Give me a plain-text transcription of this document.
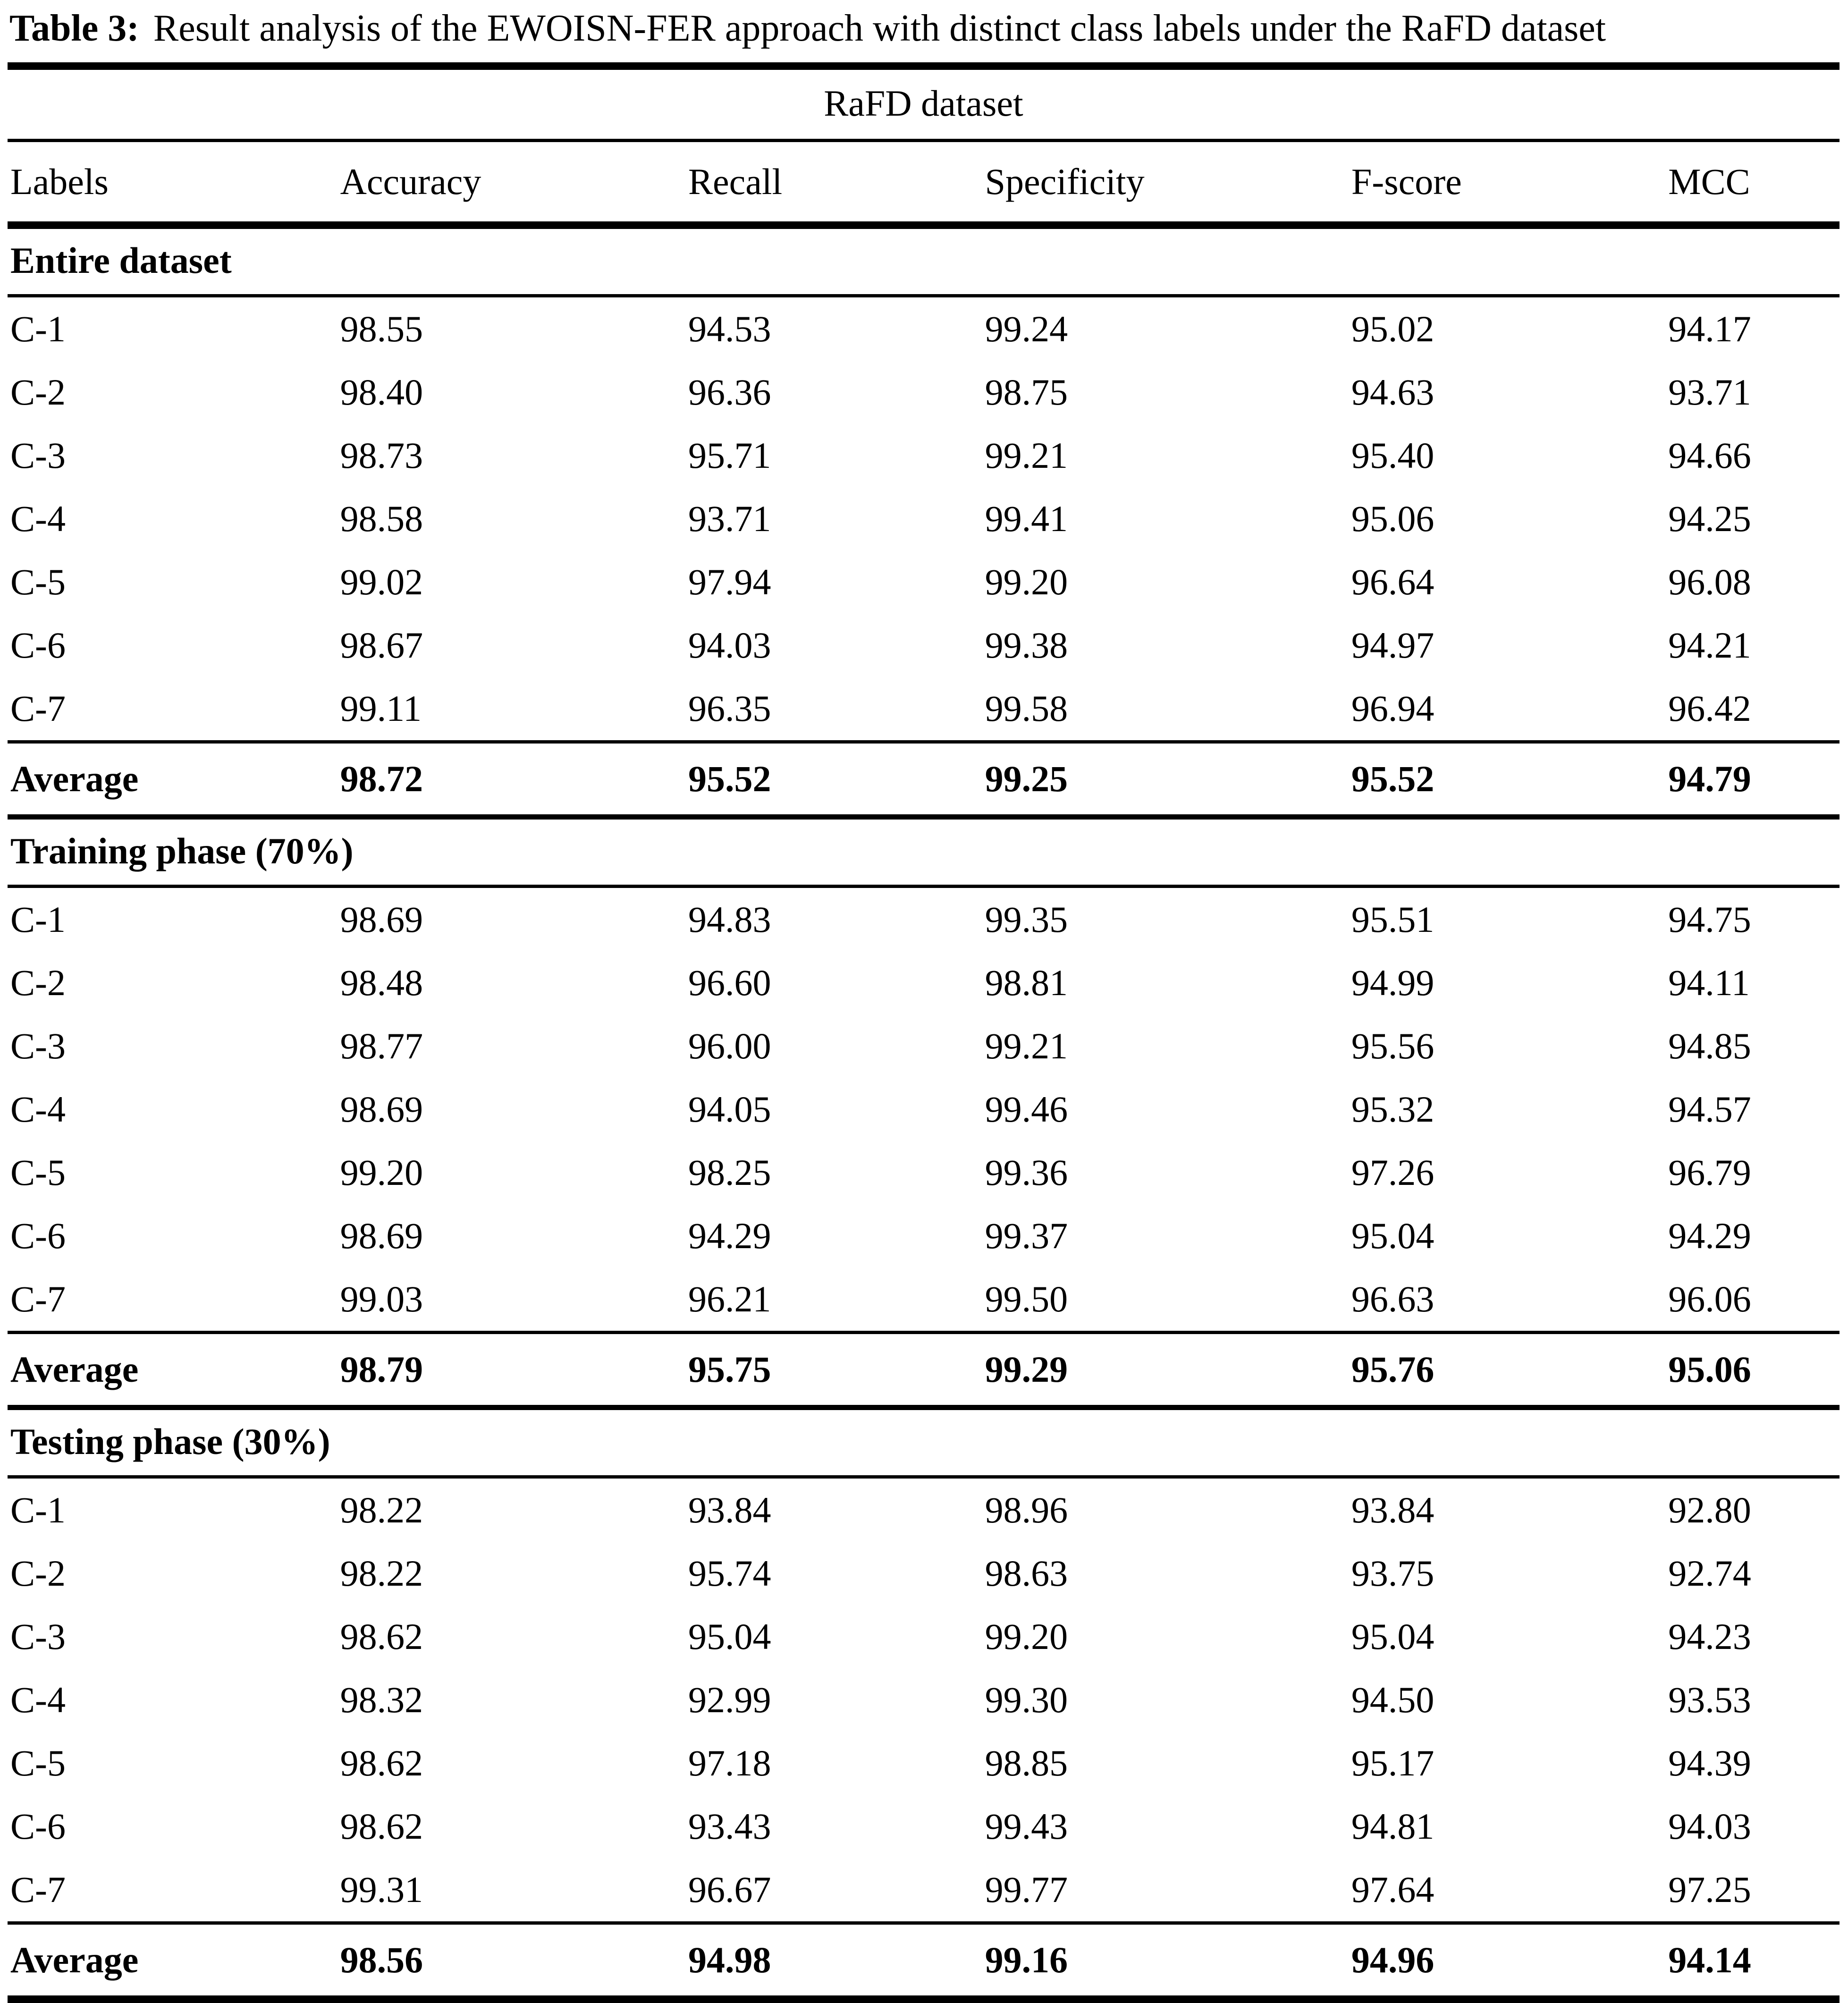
Table 3: Result analysis of the EWOISN-FER approach with distinct class labels under the RaFD dataset
RaFD dataset
Labels	Accuracy	Recall	Specificity	F-score	MCC
Entire dataset
C-1	98.55	94.53	99.24	95.02	94.17
C-2	98.40	96.36	98.75	94.63	93.71
C-3	98.73	95.71	99.21	95.40	94.66
C-4	98.58	93.71	99.41	95.06	94.25
C-5	99.02	97.94	99.20	96.64	96.08
C-6	98.67	94.03	99.38	94.97	94.21
C-7	99.11	96.35	99.58	96.94	96.42
Average	98.72	95.52	99.25	95.52	94.79
Training phase (70%)
C-1	98.69	94.83	99.35	95.51	94.75
C-2	98.48	96.60	98.81	94.99	94.11
C-3	98.77	96.00	99.21	95.56	94.85
C-4	98.69	94.05	99.46	95.32	94.57
C-5	99.20	98.25	99.36	97.26	96.79
C-6	98.69	94.29	99.37	95.04	94.29
C-7	99.03	96.21	99.50	96.63	96.06
Average	98.79	95.75	99.29	95.76	95.06
Testing phase (30%)
C-1	98.22	93.84	98.96	93.84	92.80
C-2	98.22	95.74	98.63	93.75	92.74
C-3	98.62	95.04	99.20	95.04	94.23
C-4	98.32	92.99	99.30	94.50	93.53
C-5	98.62	97.18	98.85	95.17	94.39
C-6	98.62	93.43	99.43	94.81	94.03
C-7	99.31	96.67	99.77	97.64	97.25
Average	98.56	94.98	99.16	94.96	94.14
